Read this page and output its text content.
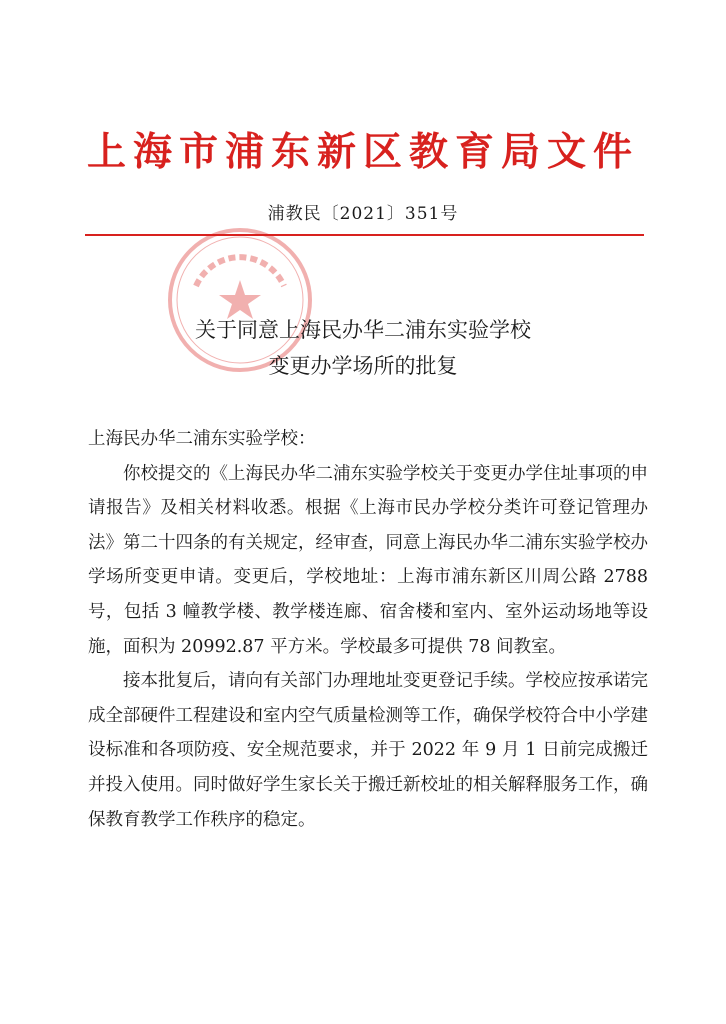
上海市浦东新区教育局文件
浦教民〔2021〕351号
关于同意上海民办华二浦东实验学校
变更办学场所的批复

上海民办华二浦东实验学校：

你校提交的《上海民办华二浦东实验学校关于变更办学住址事项的申请报告》及相关材料收悉。根据《上海市民办学校分类许可登记管理办法》第二十四条的有关规定，经审查，同意上海民办华二浦东实验学校办学场所变更申请。变更后，学校地址：上海市浦东新区川周公路 2788 号，包括 3 幢教学楼、教学楼连廊、宿舍楼和室内、室外运动场地等设施，面积为 20992.87 平方米。学校最多可提供 78 间教室。

接本批复后，请向有关部门办理地址变更登记手续。学校应按承诺完成全部硬件工程建设和室内空气质量检测等工作，确保学校符合中小学建设标准和各项防疫、安全规范要求，并于 2022 年 9 月 1 日前完成搬迁并投入使用。同时做好学生家长关于搬迁新校址的相关解释服务工作，确保教育教学工作秩序的稳定。
